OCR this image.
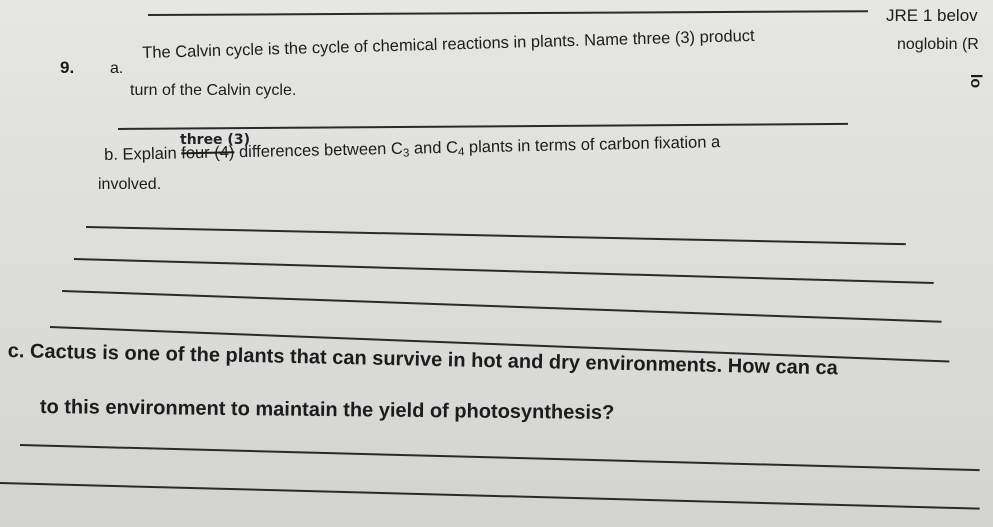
JRE 1 belov
noglobin (R
lo
9. a.
The Calvin cycle is the cycle of chemical reactions in plants. Name three (3) product
turn of the Calvin cycle.
three (3)
b. Explain four (4) differences between $C_3$ and $C_4$ plants in terms of carbon fixation a
involved.
c. Cactus is one of the plants that can survive in hot and dry environments. How can ca
to this environment to maintain the yield of photosynthesis?
